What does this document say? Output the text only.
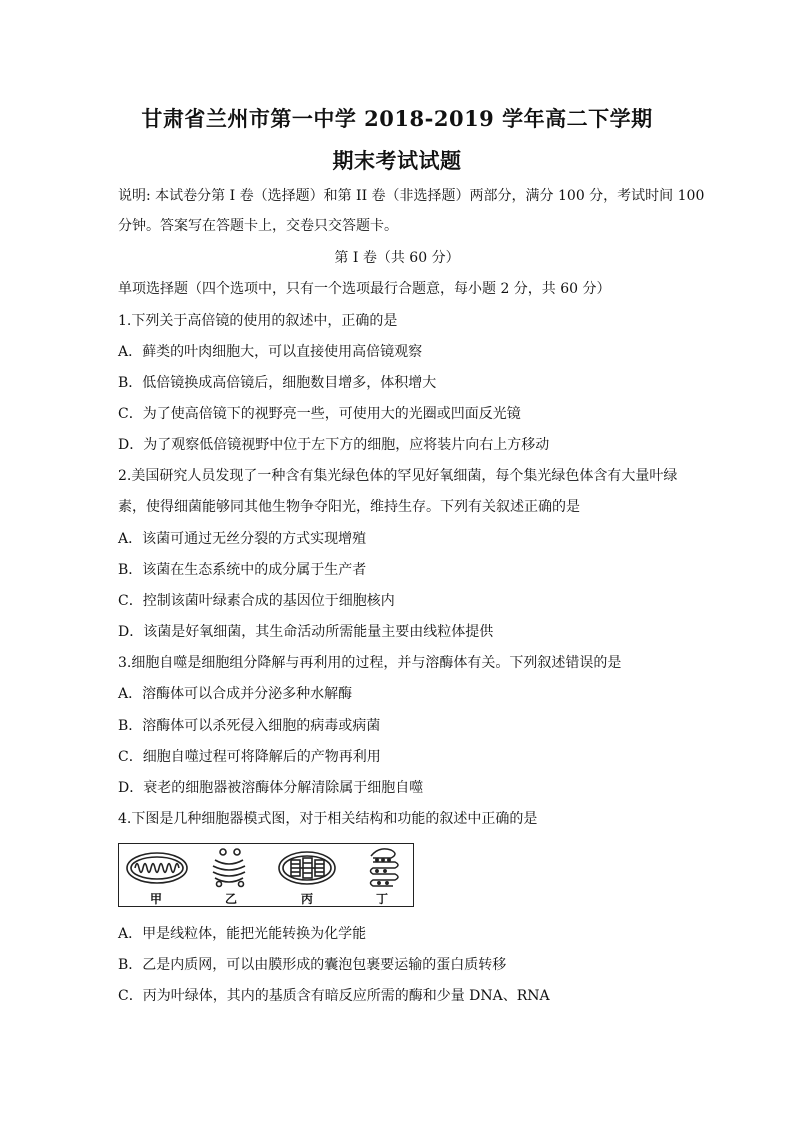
甘肃省兰州市第一中学 2018-2019 学年高二下学期
期末考试试题
说明: 本试卷分第 I 卷（选择题）和第 II 卷（非选择题）两部分，满分 100 分，考试时间 100
分钟。答案写在答题卡上，交卷只交答题卡。
第 I 卷（共 60 分）
单项选择题（四个选项中，只有一个选项最行合题意，每小题 2 分，共 60 分）
1.下列关于高倍镜的使用的叙述中，正确的是
A．藓类的叶肉细胞大，可以直接使用高倍镜观察
B．低倍镜换成高倍镜后，细胞数目增多，体积增大
C．为了使高倍镜下的视野亮一些，可使用大的光圈或凹面反光镜
D．为了观察低倍镜视野中位于左下方的细胞，应将装片向右上方移动
2.美国研究人员发现了一种含有集光绿色体的罕见好氧细菌，每个集光绿色体含有大量叶绿
素，使得细菌能够同其他生物争夺阳光，维持生存。下列有关叙述正确的是
A．该菌可通过无丝分裂的方式实现增殖
B．该菌在生态系统中的成分属于生产者
C．控制该菌叶绿素合成的基因位于细胞核内
D．该菌是好氧细菌，其生命活动所需能量主要由线粒体提供
3.细胞自噬是细胞组分降解与再利用的过程，并与溶酶体有关。下列叙述错误的是
A．溶酶体可以合成并分泌多种水解酶
B．溶酶体可以杀死侵入细胞的病毒或病菌
C．细胞自噬过程可将降解后的产物再利用
D．衰老的细胞器被溶酶体分解清除属于细胞自噬
4.下图是几种细胞器模式图，对于相关结构和功能的叙述中正确的是
甲	乙	丙	丁
A．甲是线粒体，能把光能转换为化学能
B．乙是内质网，可以由膜形成的囊泡包裹要运输的蛋白质转移
C．丙为叶绿体，其内的基质含有暗反应所需的酶和少量 DNA、RNA
